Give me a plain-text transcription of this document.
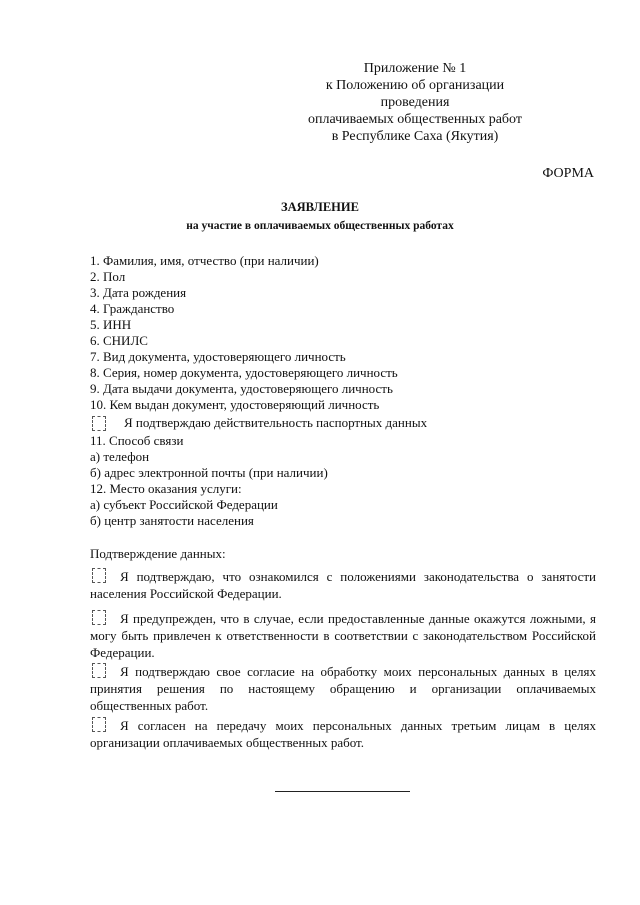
Приложение № 1
к Положению об организации проведения
оплачиваемых общественных работ
в Республике Саха (Якутия)
ФОРМА
ЗАЯВЛЕНИЕ
на участие в оплачиваемых общественных работах
1. Фамилия, имя, отчество (при наличии)
2. Пол
3. Дата рождения
4. Гражданство
5. ИНН
6. СНИЛС
7. Вид документа, удостоверяющего личность
8. Серия, номер документа, удостоверяющего личность
9. Дата выдачи документа, удостоверяющего личность
10. Кем выдан документ, удостоверяющий личность
Я подтверждаю действительность паспортных данных
11. Способ связи
а) телефон
б) адрес электронной почты (при наличии)
12. Место оказания услуги:
а) субъект Российской Федерации
б) центр занятости населения
Подтверждение данных:
Я подтверждаю, что ознакомился с положениями законодательства о занятости населения Российской Федерации.
Я предупрежден, что в случае, если предоставленные данные окажутся ложными, я могу быть привлечен к ответственности в соответствии с законодательством Российской Федерации.
Я подтверждаю свое согласие на обработку моих персональных данных в целях принятия решения по настоящему обращению и организации оплачиваемых общественных работ.
Я согласен на передачу моих персональных данных третьим лицам в целях организации оплачиваемых общественных работ.
